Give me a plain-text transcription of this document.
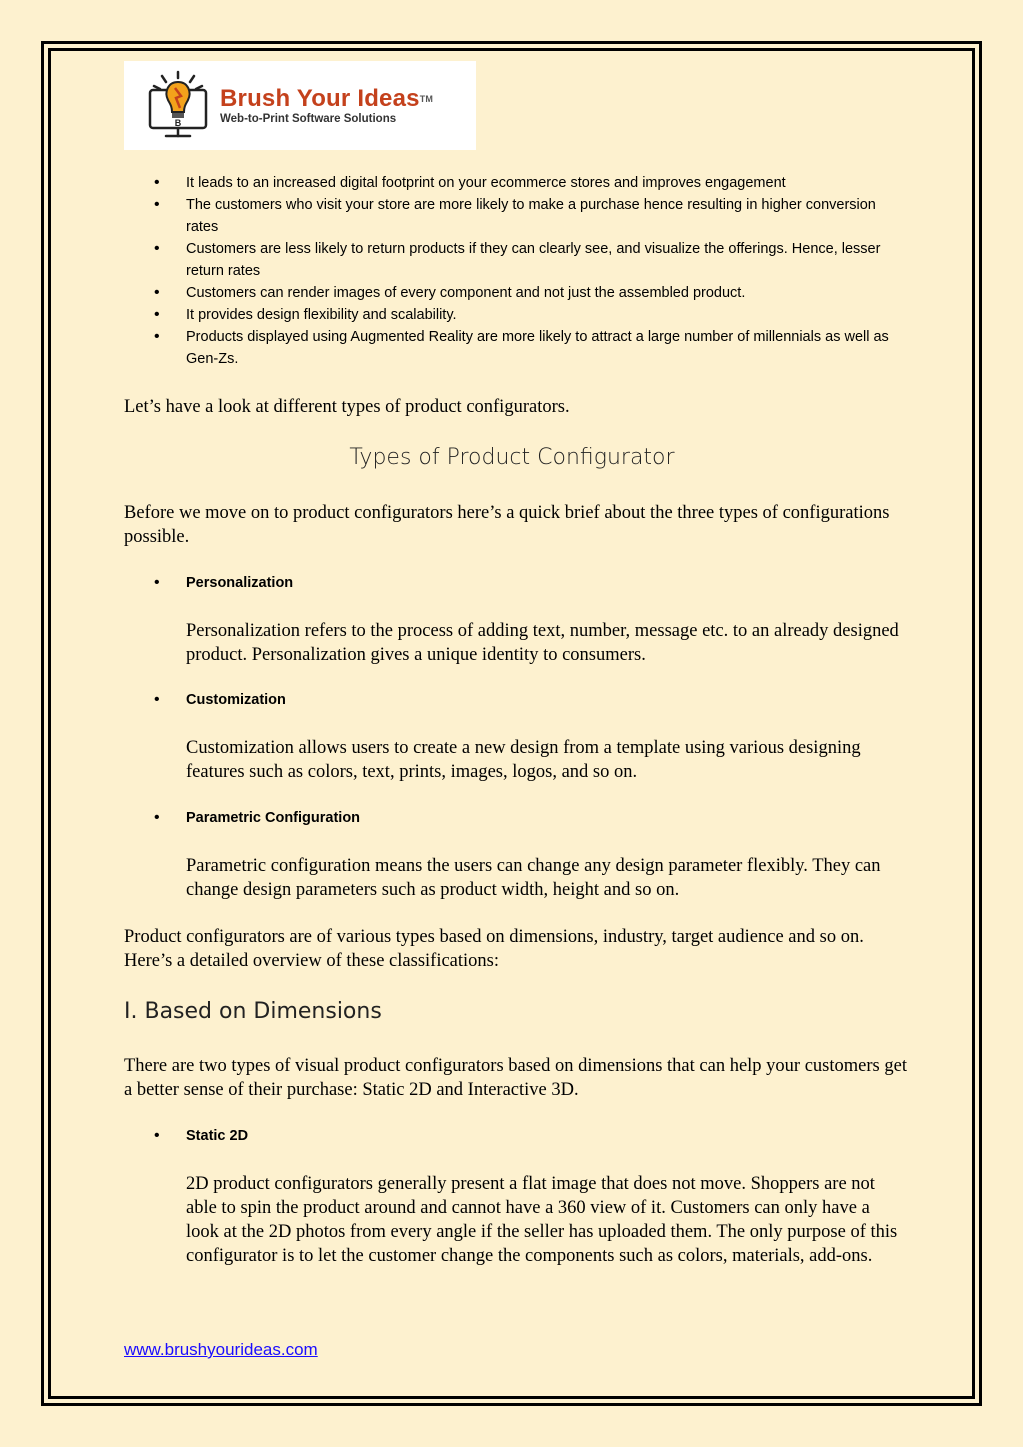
B
Brush Your Ideas™
Web-to-Print Software Solutions
• It leads to an increased digital footprint on your ecommerce stores and improves engagement
• The customers who visit your store are more likely to make a purchase hence resulting in higher conversion rates
• Customers are less likely to return products if they can clearly see, and visualize the offerings. Hence, lesser return rates
• Customers can render images of every component and not just the assembled product.
• It provides design flexibility and scalability.
• Products displayed using Augmented Reality are more likely to attract a large number of millennials as well as Gen-Zs.
Let’s have a look at different types of product configurators.
Types of Product Configurator
Before we move on to product configurators here’s a quick brief about the three types of configurations possible.
• Personalization
Personalization refers to the process of adding text, number, message etc. to an already designed product. Personalization gives a unique identity to consumers.
• Customization
Customization allows users to create a new design from a template using various designing features such as colors, text, prints, images, logos, and so on.
• Parametric Configuration
Parametric configuration means the users can change any design parameter flexibly. They can change design parameters such as product width, height and so on.
Product configurators are of various types based on dimensions, industry, target audience and so on. Here’s a detailed overview of these classifications:
I. Based on Dimensions
There are two types of visual product configurators based on dimensions that can help your customers get a better sense of their purchase: Static 2D and Interactive 3D.
• Static 2D
2D product configurators generally present a flat image that does not move. Shoppers are not able to spin the product around and cannot have a 360 view of it. Customers can only have a look at the 2D photos from every angle if the seller has uploaded them. The only purpose of this configurator is to let the customer change the components such as colors, materials, add-ons.
www.brushyourideas.com
